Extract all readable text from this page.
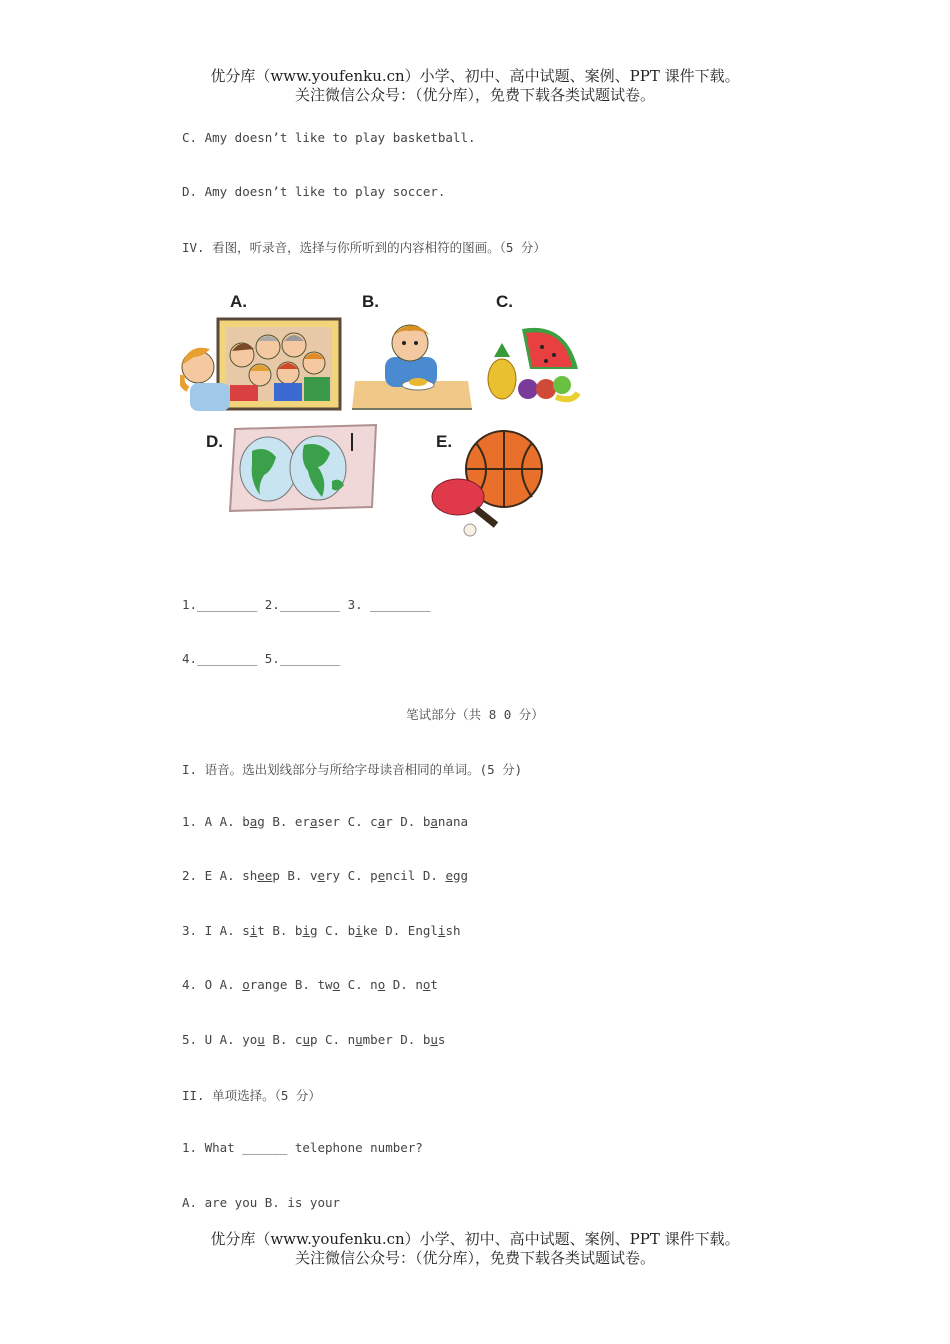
优分库（www.youfenku.cn）小学、初中、高中试题、案例、PPT 课件下载。
关注微信公众号：（优分库），免费下载各类试题试卷。
C. Amy doesn’t like to play basketball.
D. Amy doesn’t like to play soccer.
IV. 看图，听录音，选择与你所听到的内容相符的图画。（5 分）
A.	B.	C.
D.	E.
1.________ 2.________ 3. ________
4.________ 5.________
笔试部分（共 8 0 分）
I. 语音。选出划线部分与所给字母读音相同的单词。(5 分)
1. A A. bag B. eraser C. car D. banana
2. E A. sheep B. very C. pencil D. egg
3. I A. sit B. big C. bike D. English
4. O A. orange B. two C. no D. not
5. U A. you B. cup C. number D. bus
II. 单项选择。（5 分）
1. What ______ telephone number?
A. are you B. is your
优分库（www.youfenku.cn）小学、初中、高中试题、案例、PPT 课件下载。
关注微信公众号：（优分库），免费下载各类试题试卷。
